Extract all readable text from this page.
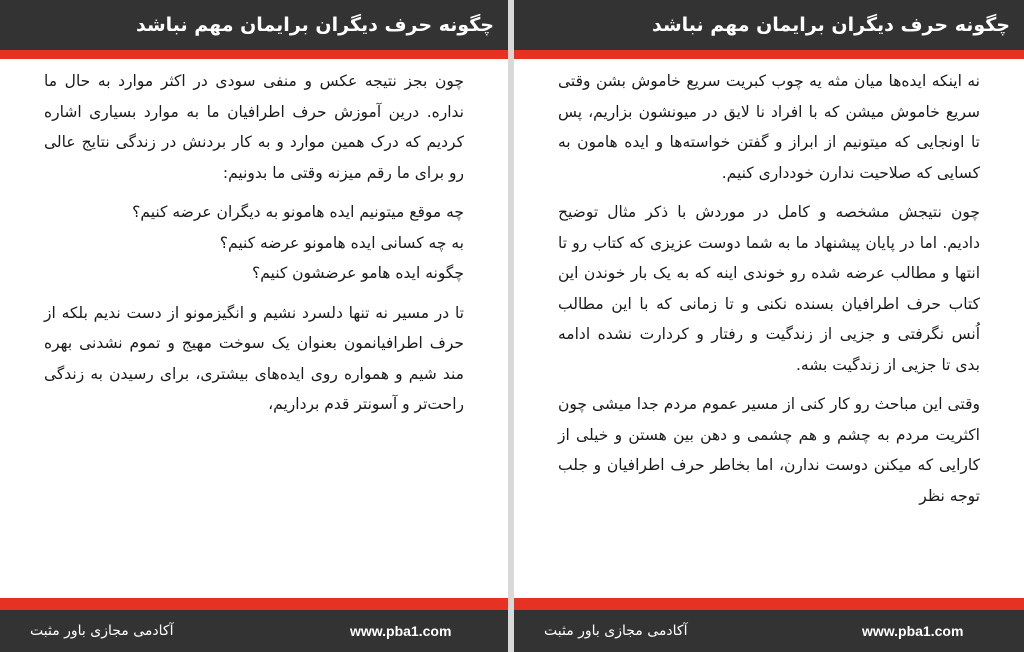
چگونه حرف دیگران برایمان مهم نباشد

چون بجز نتیجه عکس و منفی سودی در اکثر موارد به حال ما نداره. درین آموزش حرف اطرافیان ما به موارد بسیاری اشاره کردیم که درک همین موارد و به کار بردنش در زندگی نتایج عالی رو برای ما رقم میزنه وقتی ما بدونیم:

چه موقع میتونیم ایده هامونو به دیگران عرضه کنیم؟

به چه کسانی ایده هامونو عرضه کنیم؟

چگونه ایده هامو عرضشون کنیم؟

تا در مسیر نه تنها دلسرد نشیم و انگیزمونو از دست ندیم بلکه از حرف اطرافیانمون بعنوان یک سوخت مهیج و تموم نشدنی بهره مند شیم و همواره روی ایده‌های بیشتری، برای رسیدن به زندگی راحت‌تر و آسونتر قدم برداریم،

www.pba1.com
آکادمی مجازی باور مثبت
چگونه حرف دیگران برایمان مهم نباشد

نه اینکه ایده‌ها میان مثه یه چوب کبریت سریع خاموش بشن وقتی سریع خاموش میشن که با افراد نا لایق در میونشون بزاریم، پس تا اونجایی که میتونیم از ابراز و گفتن خواسته‌ها و ایده هامون به کسایی که صلاحیت ندارن خودداری کنیم.

چون نتیجش مشخصه و کامل در موردش با ذکر مثال توضیح دادیم. اما در پایان پیشنهاد ما به شما دوست عزیزی که کتاب رو تا انتها و مطالب عرضه شده رو خوندی اینه که به یک بار خوندن این کتاب حرف اطرافیان بسنده نکنی و تا زمانی که با این مطالب اُنس نگرفتی و جزیی از زندگیت و رفتار و کردارت نشده ادامه بدی تا جزیی از زندگیت بشه.

وقتی این مباحث رو کار کنی از مسیر عموم مردم جدا میشی چون اکثریت مردم به چشم و هم چشمی و دهن بین هستن و خیلی از کارایی که میکنن دوست ندارن، اما بخاطر حرف اطرافیان و جلب توجه نظر

www.pba1.com
آکادمی مجازی باور مثبت
